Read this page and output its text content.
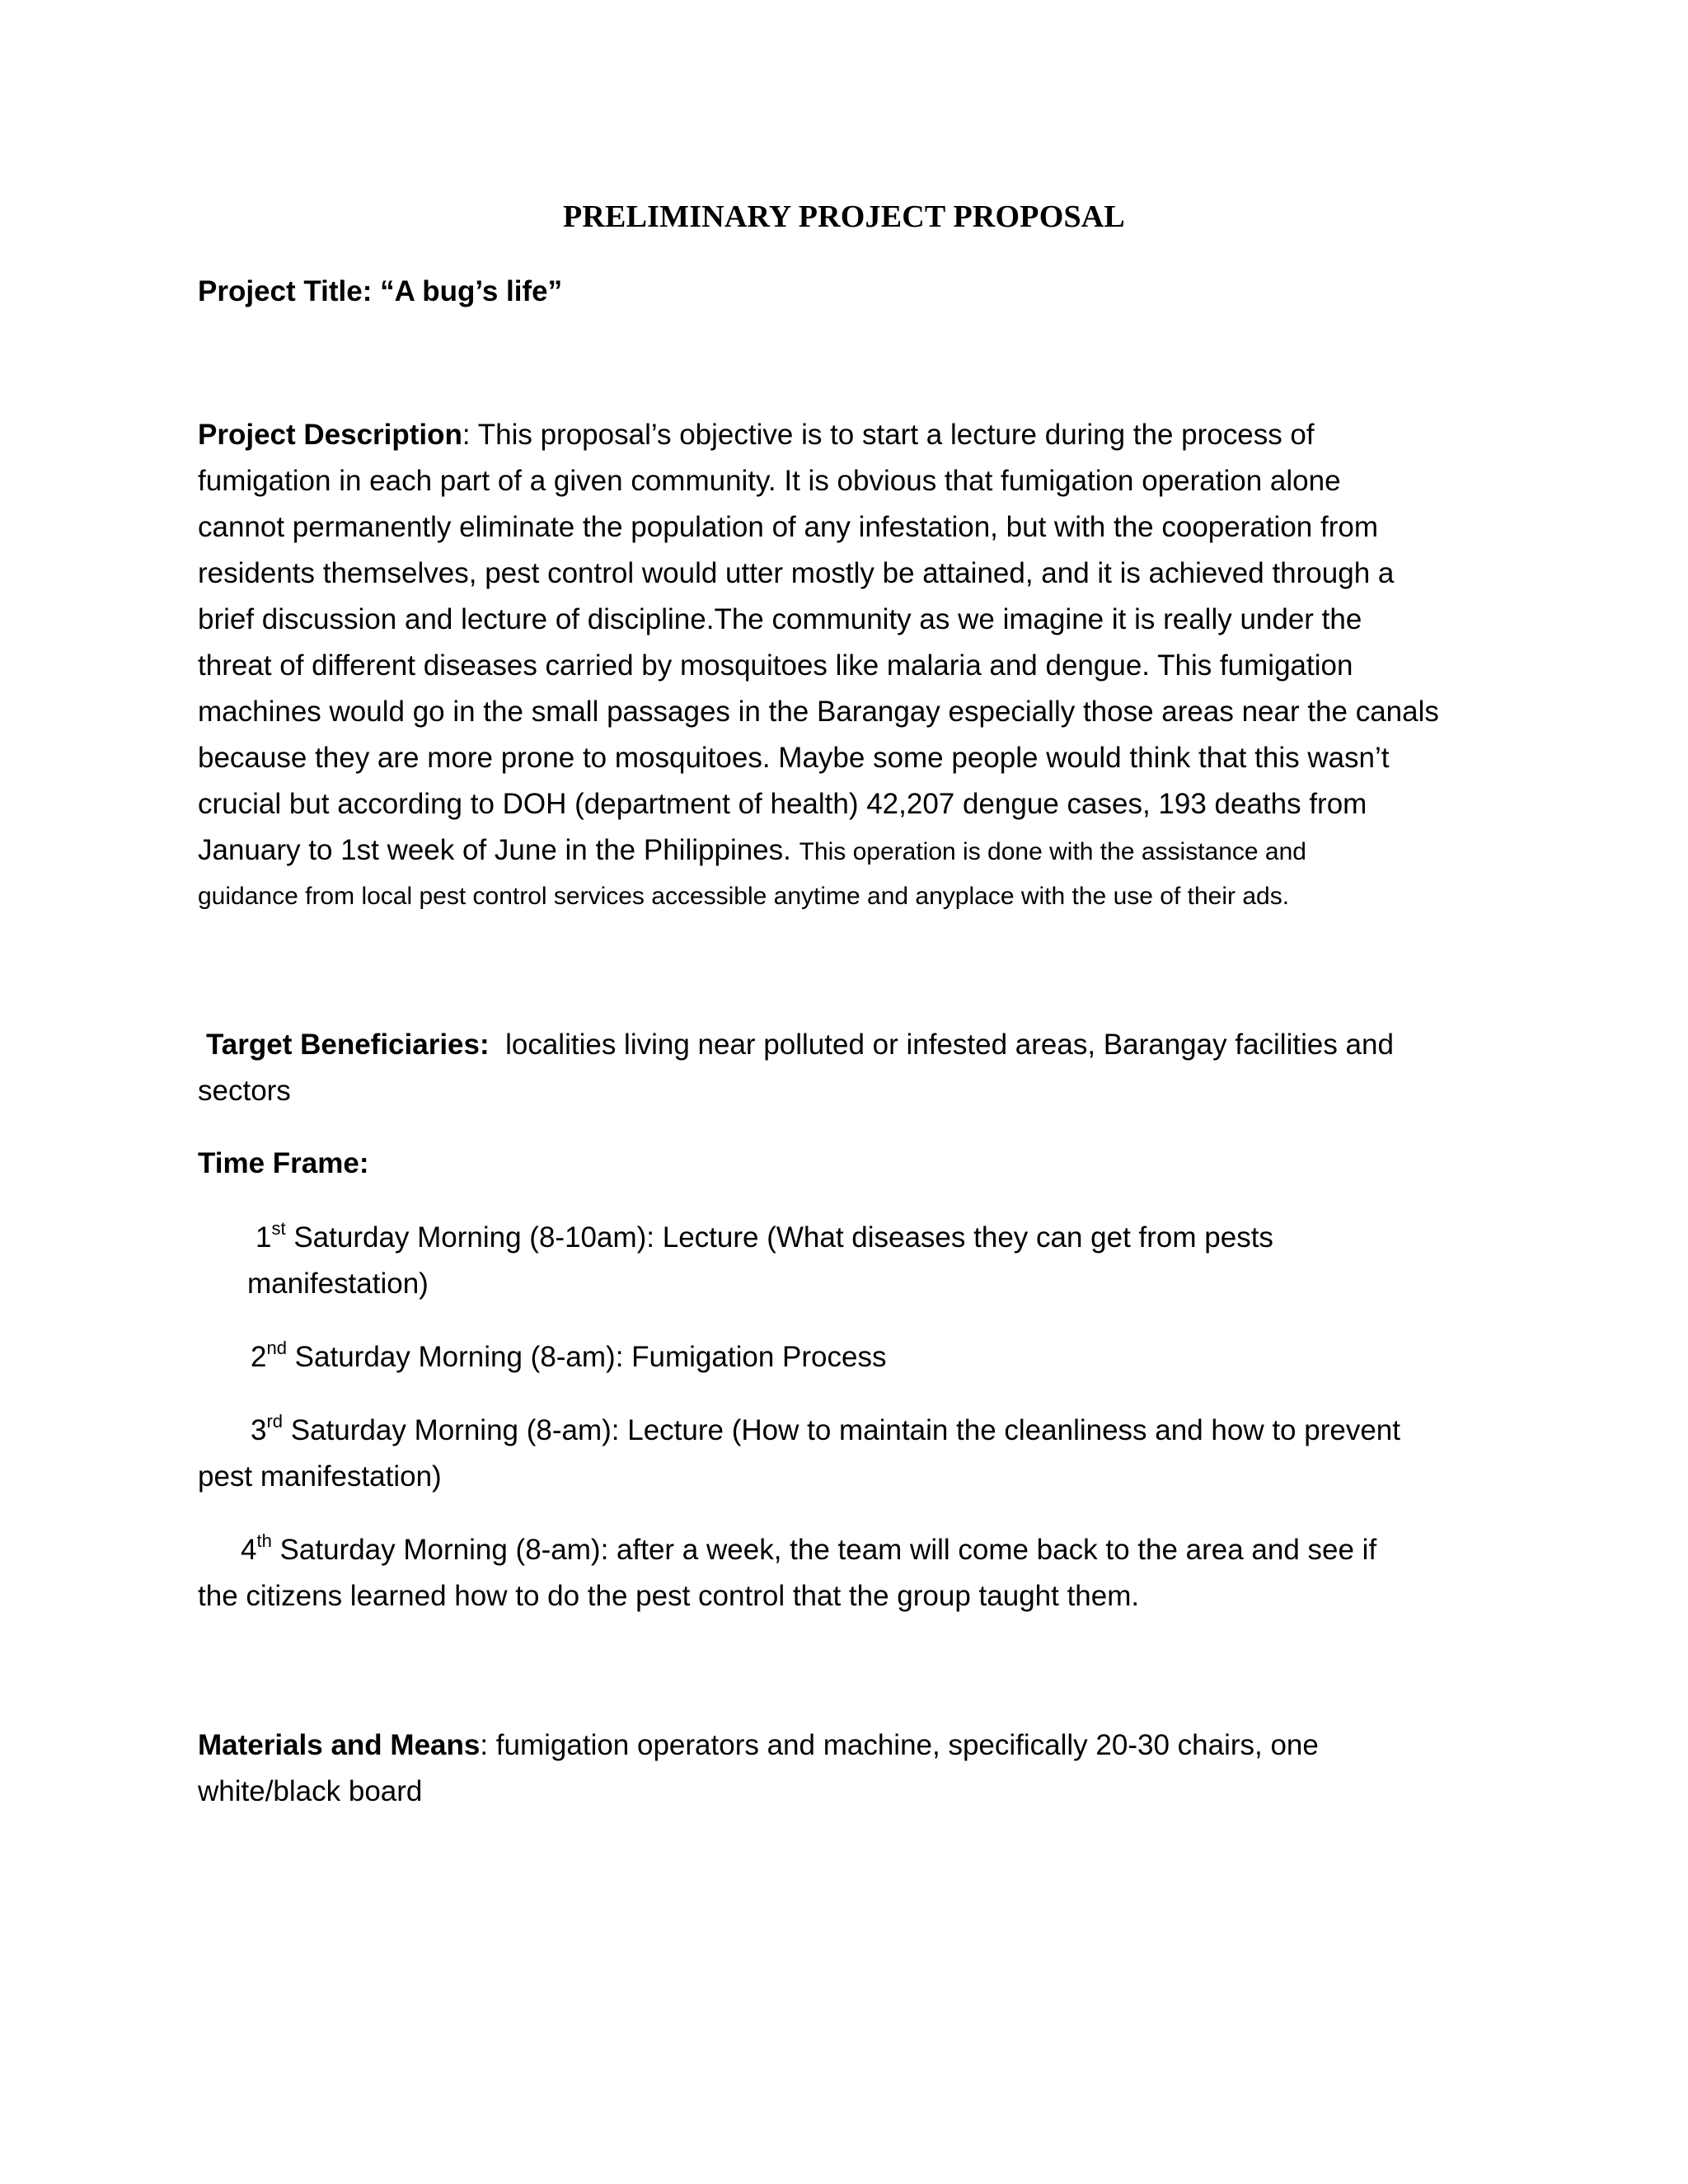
PRELIMINARY PROJECT PROPOSAL
Project Title: “A bug’s life”
Project Description: This proposal’s objective is to start a lecture during the process of
fumigation in each part of a given community. It is obvious that fumigation operation alone
cannot permanently eliminate the population of any infestation, but with the cooperation from
residents themselves, pest control would utter mostly be attained, and it is achieved through a
brief discussion and lecture of discipline.The community as we imagine it is really under the
threat of different diseases carried by mosquitoes like malaria and dengue. This fumigation
machines would go in the small passages in the Barangay especially those areas near the canals
because they are more prone to mosquitoes. Maybe some people would think that this wasn’t
crucial but according to DOH (department of health) 42,207 dengue cases, 193 deaths from
January to 1st week of June in the Philippines. This operation is done with the assistance and
guidance from local pest control services accessible anytime and anyplace with the use of their ads.
Target Beneficiaries:  localities living near polluted or infested areas, Barangay facilities and
sectors
Time Frame:
1st Saturday Morning (8-10am): Lecture (What diseases they can get from pests
manifestation)
2nd Saturday Morning (8-am): Fumigation Process
3rd Saturday Morning (8-am): Lecture (How to maintain the cleanliness and how to prevent
pest manifestation)
4th Saturday Morning (8-am): after a week, the team will come back to the area and see if
the citizens learned how to do the pest control that the group taught them.
Materials and Means: fumigation operators and machine, specifically 20-30 chairs, one
white/black board
